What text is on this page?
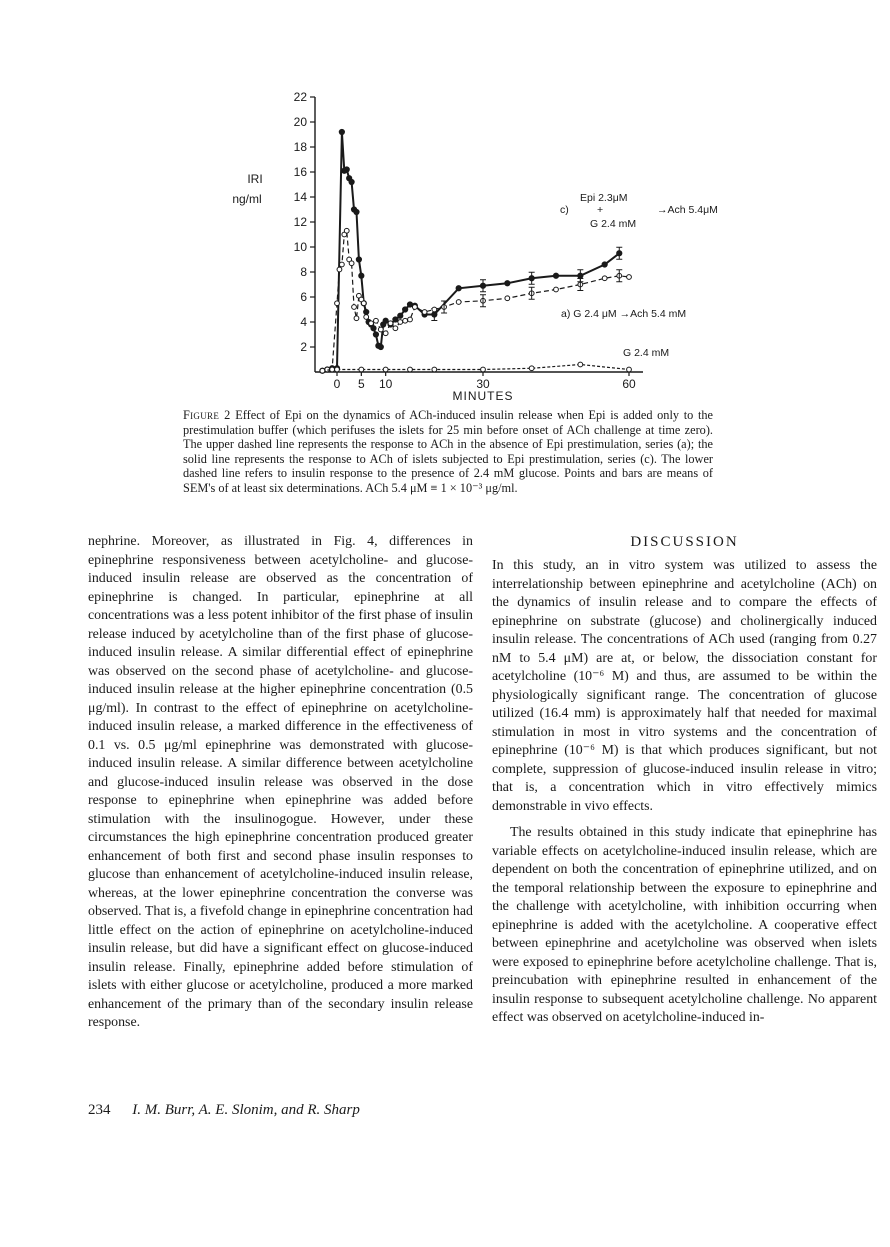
2
4
6
8
10
12
14
16
18
20
22
0 5 10	30	60
MINUTES
IRI
ng/ml
c)
Epi 2.3μM
+
G 2.4 mM
→Ach 5.4μM
a) G 2.4 μM →Ach 5.4 mM
G 2.4 mM
Figure 2 Effect of Epi on the dynamics of ACh-induced insulin release when Epi is added only to the prestimulation buffer (which perifuses the islets for 25 min before onset of ACh challenge at time zero). The upper dashed line represents the response to ACh in the absence of Epi prestimulation, series (a); the solid line represents the response to ACh of islets subjected to Epi prestimulation, series (c). The lower dashed line refers to insulin response to the presence of 2.4 mM glucose. Points and bars are means of SEM's of at least six determinations. ACh 5.4 μM ≡ 1 × 10⁻³ μg/ml.

nephrine. Moreover, as illustrated in Fig. 4, differences in epinephrine responsiveness between acetylcholine- and glucose-induced insulin release are observed as the concentration of epinephrine is changed. In particular, epinephrine at all concentrations was a less potent inhibitor of the first phase of insulin release induced by acetylcholine than of the first phase of glucose-induced insulin release. A similar differential effect of epinephrine was observed on the second phase of acetylcholine- and glucose-induced insulin release at the higher epinephrine concentration (0.5 μg/ml). In contrast to the effect of epinephrine on acetylcholine-induced insulin release, a marked difference in the effectiveness of 0.1 vs. 0.5 μg/ml epinephrine was demonstrated with glucose-induced insulin release. A similar difference between acetylcholine and glucose-induced insulin release was observed in the dose response to epinephrine when epinephrine was added before stimulation with the insulinogogue. However, under these circumstances the high epinephrine concentration produced greater enhancement of both first and second phase insulin responses to glucose than enhancement of acetylcholine-induced insulin release, whereas, at the lower epinephrine concentration the converse was observed. That is, a fivefold change in epinephrine concentration had little effect on the action of epinephrine on acetylcholine-induced insulin release, but did have a significant effect on glucose-induced insulin release. Finally, epinephrine added before stimulation of islets with either glucose or acetylcholine, produced a more marked enhancement of the primary than of the secondary insulin release response.

DISCUSSION

In this study, an in vitro system was utilized to assess the interrelationship between epinephrine and acetylcholine (ACh) on the dynamics of insulin release and to compare the effects of epinephrine on substrate (glucose) and cholinergically induced insulin release. The concentrations of ACh used (ranging from 0.27 nM to 5.4 μM) are at, or below, the dissociation constant for acetylcholine (10⁻⁶ M) and thus, are assumed to be within the physiologically significant range. The concentration of glucose utilized (16.4 mm) is approximately half that needed for maximal stimulation in most in vitro systems and the concentration of epinephrine (10⁻⁶ M) is that which produces significant, but not complete, suppression of glucose-induced insulin release in vitro; that is, a concentration which in vitro effectively mimics demonstrable in vivo effects.

The results obtained in this study indicate that epinephrine has variable effects on acetylcholine-induced insulin release, which are dependent on both the concentration of epinephrine utilized, and on the temporal relationship between the exposure to epinephrine and the challenge with acetylcholine, with inhibition occurring when epinephrine is added with the acetylcholine. A cooperative effect between epinephrine and acetylcholine was observed when islets were exposed to epinephrine before acetylcholine challenge. That is, preincubation with epinephrine resulted in enhancement of the insulin response to subsequent acetylcholine challenge. No apparent effect was observed on acetylcholine-induced in-

234 I. M. Burr, A. E. Slonim, and R. Sharp
